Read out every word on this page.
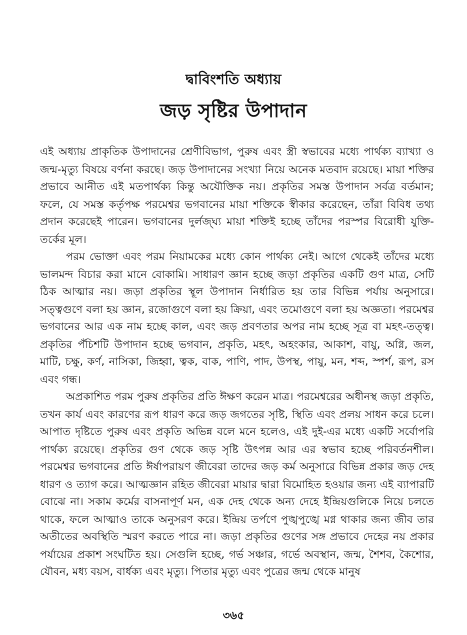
দ্বাবিংশতি অধ্যায়
জড় সৃষ্টির উপাদান

এই অধ্যায় প্রাকৃতিক উপাদানের শ্রেণীবিভাগ, পুরুষ এবং স্ত্রী স্বভাবের মধ্যে পার্থক্য ব্যাখ্যা ও জন্ম-মৃত্যু বিষয়ে বর্ণনা করছে। জড় উপাদানের সংখ্যা নিয়ে অনেক মতবাদ রয়েছে। মায়া শক্তির প্রভাবে আনীত এই মতপার্থক্য কিন্তু অযৌক্তিক নয়। প্রকৃতির সমস্ত উপাদান সর্বত্র বর্তমান; ফলে, যে সমস্ত কর্তৃপক্ষ পরমেশ্বর ভগবানের মায়া শক্তিকে স্বীকার করেছেন, তাঁরা বিবিধ তথ্য প্রদান করেছেই পারেন। ভগবানের দুর্লজ্ঘ্য মায়া শক্তিই হচ্ছে তাঁদের পরস্পর বিরোধী যুক্তি-তর্কের মূল।

পরম ভোক্তা এবং পরম নিয়ামকের মধ্যে কোন পার্থক্য নেই। আগে থেকেই তাঁদের মধ্যে ভালমন্দ বিচার করা মানে বোকামি। সাধারণ জ্ঞান হচ্ছে জড়া প্রকৃতির একটি গুণ মাত্র, সেটি ঠিক আত্মার নয়। জড়া প্রকৃতির স্থূল উপাদান নির্ধারিত হয় তার বিভিন্ন পর্যায় অনুসারে। সত্ত্বগুণে বলা হয় জ্ঞান, রজোগুণে বলা হয় ক্রিয়া, এবং তমোগুণে বলা হয় অজ্ঞতা। পরমেশ্বর ভগবানের আর এক নাম হচ্ছে কাল, এবং জড় প্রবণতার অপর নাম হচ্ছে সূত্র বা মহৎ-তত্ত্ব। প্রকৃতির পঁচিশটি উপাদান হচ্ছে ভগবান, প্রকৃতি, মহৎ, অহংকার, আকাশ, বায়ু, অগ্নি, জল, মাটি, চক্ষু, কর্ণ, নাসিকা, জিহ্বা, ত্বক, বাক, পাণি, পাদ, উপস্থ, পায়ু, মন, শব্দ, স্পর্শ, রূপ, রস এবং গন্ধ।

অপ্রকাশিত পরম পুরুষ প্রকৃতির প্রতি ঈক্ষণ করেন মাত্র। পরমেশ্বরের অধীনস্থ জড়া প্রকৃতি, তখন কার্য এবং কারণের রূপ ধারণ করে জড় জগতের সৃষ্টি, স্থিতি এবং প্রলয় সাধন করে চলে। আপাত দৃষ্টিতে পুরুষ এবং প্রকৃতি অভিন্ন বলে মনে হলেও, এই দুই-এর মধ্যে একটি সর্বোপরি পার্থক্য রয়েছে। প্রকৃতির গুণ থেকে জড় সৃষ্টি উৎপন্ন আর এর স্বভাব হচ্ছে পরিবর্তনশীল। পরমেশ্বর ভগবানের প্রতি ঈর্ষাপরায়ণ জীবেরা তাদের জড় কর্ম অনুসারে বিভিন্ন প্রকার জড় দেহ ধারণ ও ত্যাগ করে। আত্মজ্ঞান রহিত জীবেরা মায়ার দ্বারা বিমোহিত হওয়ার জন্য এই ব্যাপারটি বোঝে না। সকাম কর্মের বাসনাপূর্ণ মন, এক দেহ থেকে অন্য দেহে ইন্দ্রিয়গুলিকে নিয়ে চলতে থাকে, ফলে আত্মাও তাকে অনুসরণ করে। ইন্দ্রিয় তর্পণে পুঙ্খপুঙ্খে মগ্ন থাকার জন্য জীব তার অতীতের অবস্থিতি স্মরণ করতে পারে না। জড়া প্রকৃতির গুণের সঙ্গ প্রভাবে দেহের নয় প্রকার পর্যায়ের প্রকাশ সংঘটিত হয়। সেগুলি হচ্ছে, গর্ভ সঞ্চার, গর্ভে অবস্থান, জন্ম, শৈশব, কৈশোর, যৌবন, মধ্য বয়স, বার্ধক্য এবং মৃত্যু। পিতার মৃত্যু এবং পুত্রের জন্ম থেকে মানুষ

৩৬৫
